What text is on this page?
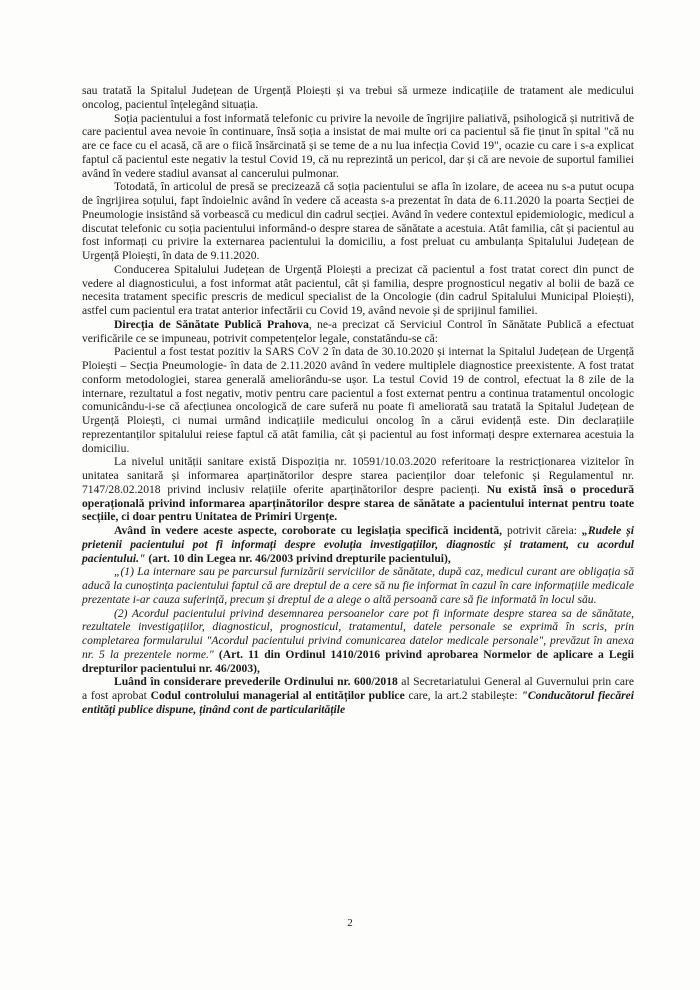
sau tratată la Spitalul Județean de Urgență Ploiești și va trebui să urmeze indicațiile de tratament ale medicului oncolog, pacientul înțelegând situația.

Soția pacientului a fost informată telefonic cu privire la nevoile de îngrijire paliativă, psihologică și nutritivă de care pacientul avea nevoie în continuare, însă soția a insistat de mai multe ori ca pacientul să fie ținut în spital "că nu are ce face cu el acasă, că are o fiică însărcinată și se teme de a nu lua infecția Covid 19", ocazie cu care i s-a explicat faptul că pacientul este negativ la testul Covid 19, că nu reprezintă un pericol, dar și că are nevoie de suportul familiei având în vedere stadiul avansat al cancerului pulmonar.

Totodată, în articolul de presă se precizează că soția pacientului se afla în izolare, de aceea nu s-a putut ocupa de îngrijirea soțului, fapt îndoielnic având în vedere că aceasta s-a prezentat în data de 6.11.2020 la poarta Secției de Pneumologie insistând să vorbească cu medicul din cadrul secției. Având în vedere contextul epidemiologic, medicul a discutat telefonic cu soția pacientului informând-o despre starea de sănătate a acestuia. Atât familia, cât și pacientul au fost informați cu privire la externarea pacientului la domiciliu, a fost preluat cu ambulanța Spitalului Județean de Urgență Ploiești, în data de 9.11.2020.

Conducerea Spitalului Județean de Urgență Ploiești a precizat că pacientul a fost tratat corect din punct de vedere al diagnosticului, a fost informat atât pacientul, cât și familia, despre prognosticul negativ al bolii de bază ce necesita tratament specific prescris de medicul specialist de la Oncologie (din cadrul Spitalului Municipal Ploiești), astfel cum pacientul era tratat anterior infectării cu Covid 19, având nevoie și de sprijinul familiei.

Direcția de Sănătate Publică Prahova, ne-a precizat că Serviciul Control în Sănătate Publică a efectuat verificările ce se impuneau, potrivit competențelor legale, constatându-se că:

Pacientul a fost testat pozitiv la SARS CoV 2 în data de 30.10.2020 și internat la Spitalul Județean de Urgență Ploiești – Secția Pneumologie- în data de 2.11.2020 având în vedere multiplele diagnostice preexistente. A fost tratat conform metodologiei, starea generală ameliorându-se ușor. La testul Covid 19 de control, efectuat la 8 zile de la internare, rezultatul a fost negativ, motiv pentru care pacientul a fost externat pentru a continua tratamentul oncologic comunicându-i-se că afecțiunea oncologică de care suferă nu poate fi ameliorată sau tratată la Spitalul Județean de Urgență Ploiești, ci numai urmând indicațiile medicului oncolog în a cărui evidență este. Din declarațiile reprezentanților spitalului reiese faptul că atât familia, cât și pacientul au fost informați despre externarea acestuia la domiciliu.

La nivelul unității sanitare există Dispoziția nr. 10591/10.03.2020 referitoare la restricționarea vizitelor în unitatea sanitară și informarea aparținătorilor despre starea pacienților doar telefonic și Regulamentul nr. 7147/28.02.2018 privind inclusiv relațiile oferite aparținătorilor despre pacienți. Nu există însă o procedură operațională privind informarea aparținătorilor despre starea de sănătate a pacientului internat pentru toate secțiile, ci doar pentru Unitatea de Primiri Urgențe.

Având în vedere aceste aspecte, coroborate cu legislația specifică incidentă, potrivit căreia: „Rudele și prietenii pacientului pot fi informați despre evoluția investigațiilor, diagnostic și tratament, cu acordul pacientului." (art. 10 din Legea nr. 46/2003 privind drepturile pacientului),

„(1) La internare sau pe parcursul furnizării serviciilor de sănătate, după caz, medicul curant are obligația să aducă la cunoștința pacientului faptul că are dreptul de a cere să nu fie informat în cazul în care informațiile medicale prezentate i-ar cauza suferință, precum și dreptul de a alege o altă persoană care să fie informată în locul său.

(2) Acordul pacientului privind desemnarea persoanelor care pot fi informate despre starea sa de sănătate, rezultatele investigațiilor, diagnosticul, prognosticul, tratamentul, datele personale se exprimă în scris, prin completarea formularului "Acordul pacientului privind comunicarea datelor medicale personale", prevăzut în anexa nr. 5 la prezentele norme." (Art. 11 din Ordinul 1410/2016 privind aprobarea Normelor de aplicare a Legii drepturilor pacientului nr. 46/2003),

Luând în considerare prevederile Ordinului nr. 600/2018 al Secretariatului General al Guvernului prin care a fost aprobat Codul controlului managerial al entităților publice care, la art.2 stabilește: "Conducătorul fiecărei entități publice dispune, ținând cont de particularitățile

2
